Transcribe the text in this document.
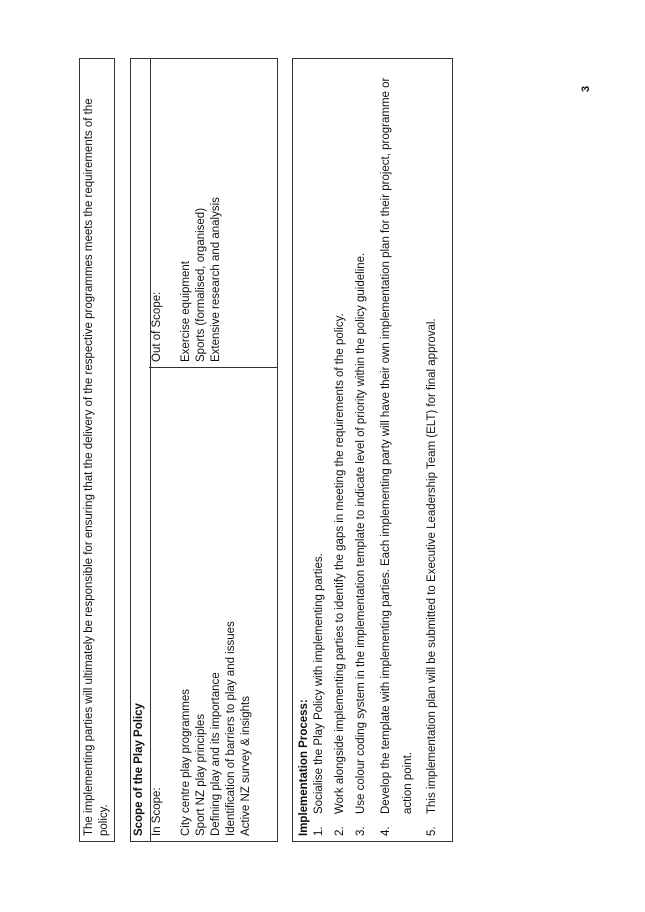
The implementing parties will ultimately be responsible for ensuring that the delivery of the respective programmes meets the requirements of the policy.	Scope of the Play Policy In Scope: City centre play programmes Sport NZ play principles Defining play and its importance Identification of barriers to play and issues Active NZ survey & insights
Out of Scope: Exercise equipment Sports (formalised, organised) Extensive research and analysis
Implementation Process: 1.
Socialise the Play Policy with implementing parties.
2.
Work alongside implementing parties to identify the gaps in meeting the requirements of the policy.
3.
Use colour coding system in the implementation template to indicate level of priority within the policy guideline.
4.
Develop the template with implementing parties. Each implementing party will have their own implementation plan for their project, programme or action point.
5.
This implementation plan will be submitted to Executive Leadership Team (ELT) for final approval.
3
